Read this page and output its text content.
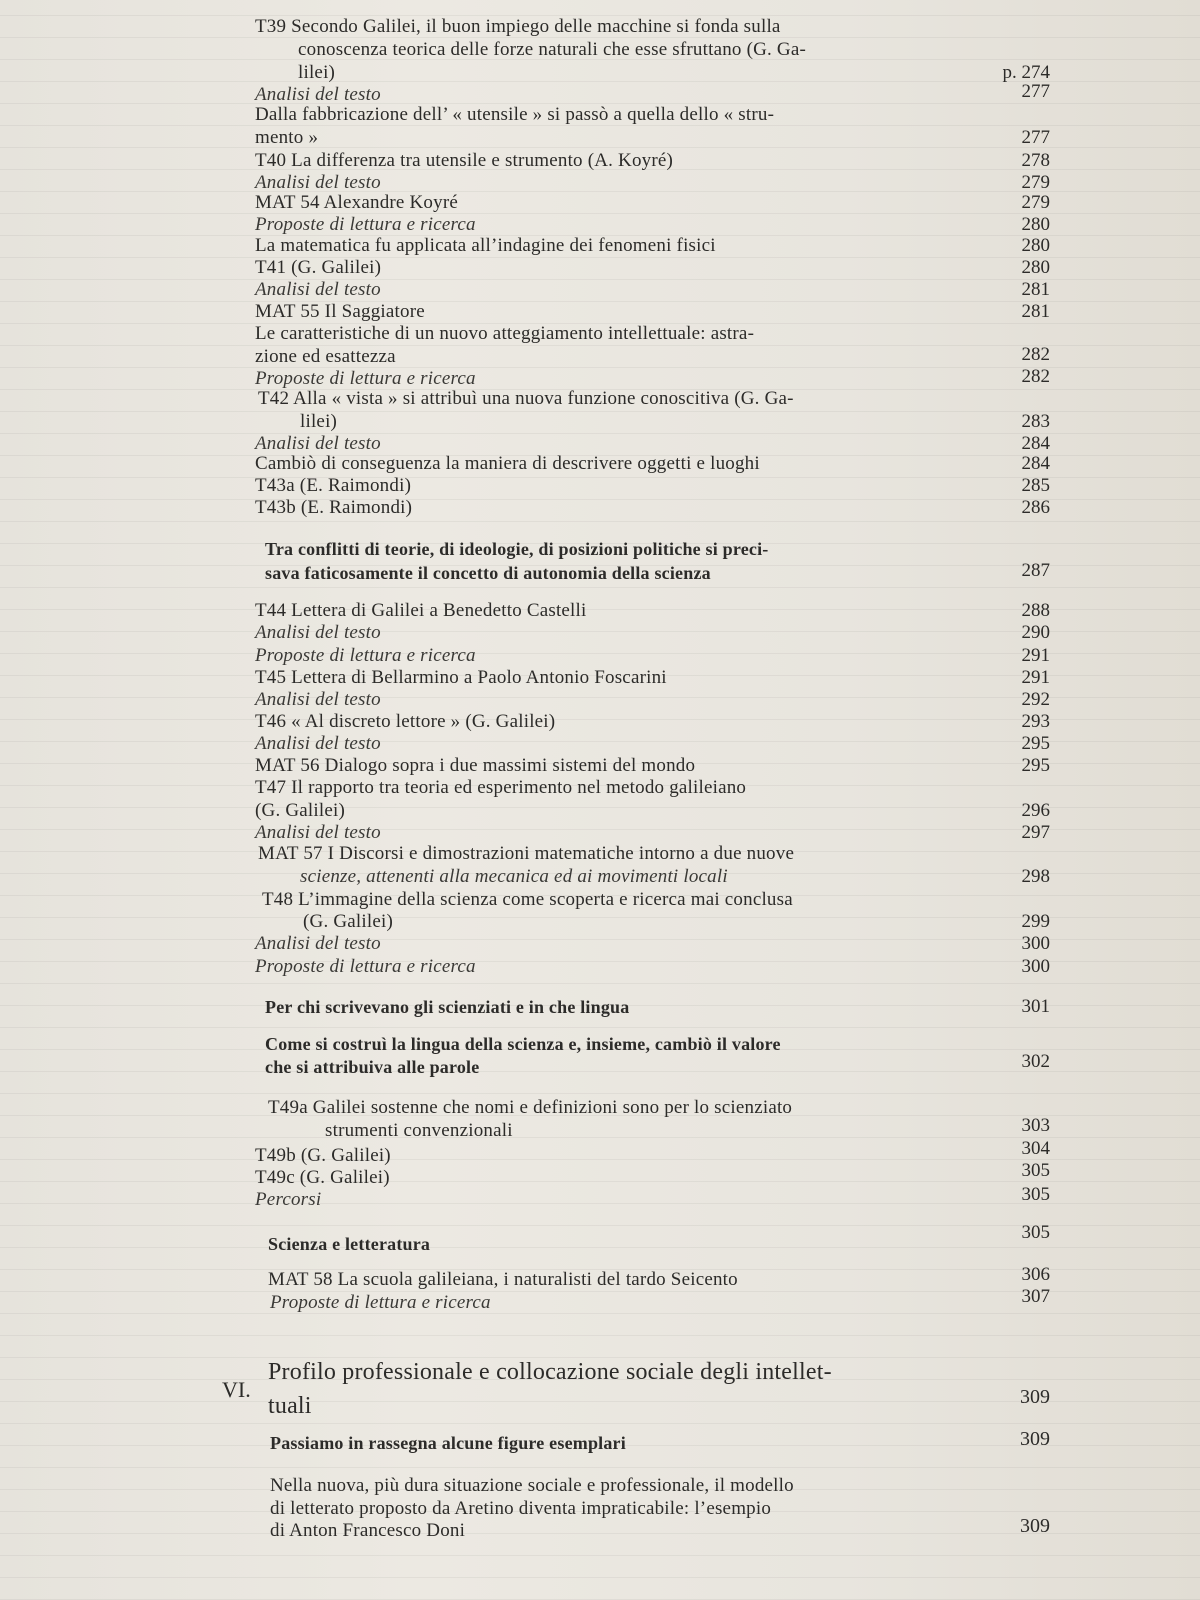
T39 Secondo Galilei, il buon impiego delle macchine si fonda sulla
conoscenza teorica delle forze naturali che esse sfruttano (G. Ga-
lilei)
Analisi del testo
Dalla fabbricazione dell’ « utensile » si passò a quella dello « stru-
mento »
T40 La differenza tra utensile e strumento (A. Koyré)
Analisi del testo
MAT 54 Alexandre Koyré
Proposte di lettura e ricerca
La matematica fu applicata all’indagine dei fenomeni fisici
T41 (G. Galilei)
Analisi del testo
MAT 55 Il Saggiatore
Le caratteristiche di un nuovo atteggiamento intellettuale: astra-
zione ed esattezza
Proposte di lettura e ricerca
T42 Alla « vista » si attribuì una nuova funzione conoscitiva (G. Ga-
lilei)
Analisi del testo
Cambiò di conseguenza la maniera di descrivere oggetti e luoghi
T43a (E. Raimondi)
T43b (E. Raimondi)
Tra conflitti di teorie, di ideologie, di posizioni politiche si preci-
sava faticosamente il concetto di autonomia della scienza
T44 Lettera di Galilei a Benedetto Castelli
Analisi del testo
Proposte di lettura e ricerca
T45 Lettera di Bellarmino a Paolo Antonio Foscarini
Analisi del testo
T46 « Al discreto lettore » (G. Galilei)
Analisi del testo
MAT 56 Dialogo sopra i due massimi sistemi del mondo
T47 Il rapporto tra teoria ed esperimento nel metodo galileiano
(G. Galilei)
Analisi del testo
MAT 57 I Discorsi e dimostrazioni matematiche intorno a due nuove
scienze, attenenti alla mecanica ed ai movimenti locali
T48 L’immagine della scienza come scoperta e ricerca mai conclusa
(G. Galilei)
Analisi del testo
Proposte di lettura e ricerca
Per chi scrivevano gli scienziati e in che lingua
Come si costruì la lingua della scienza e, insieme, cambiò il valore
che si attribuiva alle parole
T49a Galilei sostenne che nomi e definizioni sono per lo scienziato
strumenti convenzionali
T49b (G. Galilei)
T49c (G. Galilei)
Percorsi
Scienza e letteratura
MAT 58 La scuola galileiana, i naturalisti del tardo Seicento
Proposte di lettura e ricerca
Profilo professionale e collocazione sociale degli intellet-
tuali
Passiamo in rassegna alcune figure esemplari
Nella nuova, più dura situazione sociale e professionale, il modello
di letterato proposto da Aretino diventa impraticabile: l’esempio
di Anton Francesco Doni
p. 274
277
277
278
279
279
280
280
280
281
281
282
282
283
284
284
285
286
287
288
290
291
291
292
293
295
295
296
297
298
299
300
300
301
302
303
304
305
305
305
306
307
309
309
309
VI.
